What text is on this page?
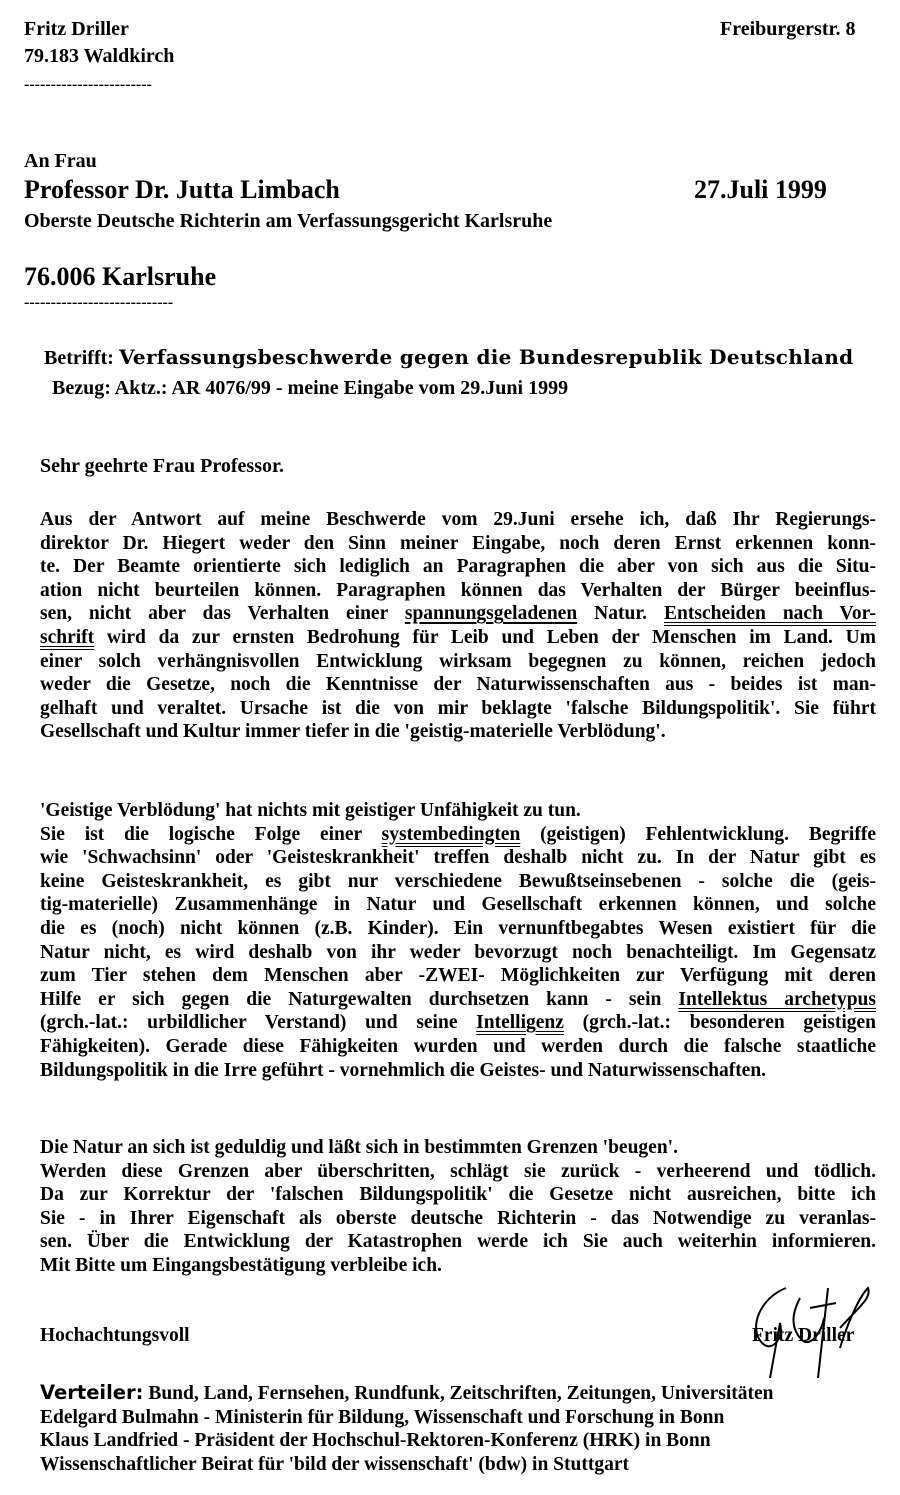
Fritz Driller
79.183 Waldkirch
------------------------
Freiburgerstr. 8
An Frau
Professor Dr. Jutta Limbach	27.Juli 1999
Oberste Deutsche Richterin am Verfassungsgericht Karlsruhe
76.006 Karlsruhe
----------------------------
Betrifft: Verfassungsbeschwerde gegen die Bundesrepublik Deutschland
Bezug: Aktz.: AR 4076/99 - meine Eingabe vom 29.Juni 1999
Sehr geehrte Frau Professor.
Aus der Antwort auf meine Beschwerde vom 29.Juni ersehe ich, daß Ihr Regierungs-
direktor Dr. Hiegert weder den Sinn meiner Eingabe, noch deren Ernst erkennen konn-
te. Der Beamte orientierte sich lediglich an Paragraphen die aber von sich aus die Situ-
ation nicht beurteilen können. Paragraphen können das Verhalten der Bürger beeinflus-
sen, nicht aber das Verhalten einer spannungsgeladenen Natur. Entscheiden nach Vor-
schrift wird da zur ernsten Bedrohung für Leib und Leben der Menschen im Land. Um
einer solch verhängnisvollen Entwicklung wirksam begegnen zu können, reichen jedoch
weder die Gesetze, noch die Kenntnisse der Naturwissenschaften aus - beides ist man-
gelhaft und veraltet. Ursache ist die von mir beklagte 'falsche Bildungspolitik'. Sie führt
Gesellschaft und Kultur immer tiefer in die 'geistig-materielle Verblödung'.
'Geistige Verblödung' hat nichts mit geistiger Unfähigkeit zu tun.
Sie ist die logische Folge einer systembedingten (geistigen) Fehlentwicklung. Begriffe
wie 'Schwachsinn' oder 'Geisteskrankheit' treffen deshalb nicht zu. In der Natur gibt es
keine Geisteskrankheit, es gibt nur verschiedene Bewußtseinsebenen - solche die (geis-
tig-materielle) Zusammenhänge in Natur und Gesellschaft erkennen können, und solche
die es (noch) nicht können (z.B. Kinder). Ein vernunftbegabtes Wesen existiert für die
Natur nicht, es wird deshalb von ihr weder bevorzugt noch benachteiligt. Im Gegensatz
zum Tier stehen dem Menschen aber -ZWEI- Möglichkeiten zur Verfügung mit deren
Hilfe er sich gegen die Naturgewalten durchsetzen kann - sein Intellektus archetypus
(grch.-lat.: urbildlicher Verstand) und seine Intelligenz (grch.-lat.: besonderen geistigen
Fähigkeiten). Gerade diese Fähigkeiten wurden und werden durch die falsche staatliche
Bildungspolitik in die Irre geführt - vornehmlich die Geistes- und Naturwissenschaften.
Die Natur an sich ist geduldig und läßt sich in bestimmten Grenzen 'beugen'.
Werden diese Grenzen aber überschritten, schlägt sie zurück - verheerend und tödlich.
Da zur Korrektur der 'falschen Bildungspolitik' die Gesetze nicht ausreichen, bitte ich
Sie - in Ihrer Eigenschaft als oberste deutsche Richterin - das Notwendige zu veranlas-
sen. Über die Entwicklung der Katastrophen werde ich Sie auch weiterhin informieren.
Mit Bitte um Eingangsbestätigung verbleibe ich.
Hochachtungsvoll	Fritz Driller
Verteiler: Bund, Land, Fernsehen, Rundfunk, Zeitschriften, Zeitungen, Universitäten
Edelgard Bulmahn - Ministerin für Bildung, Wissenschaft und Forschung in Bonn
Klaus Landfried - Präsident der Hochschul-Rektoren-Konferenz (HRK) in Bonn
Wissenschaftlicher Beirat für 'bild der wissenschaft' (bdw) in Stuttgart
